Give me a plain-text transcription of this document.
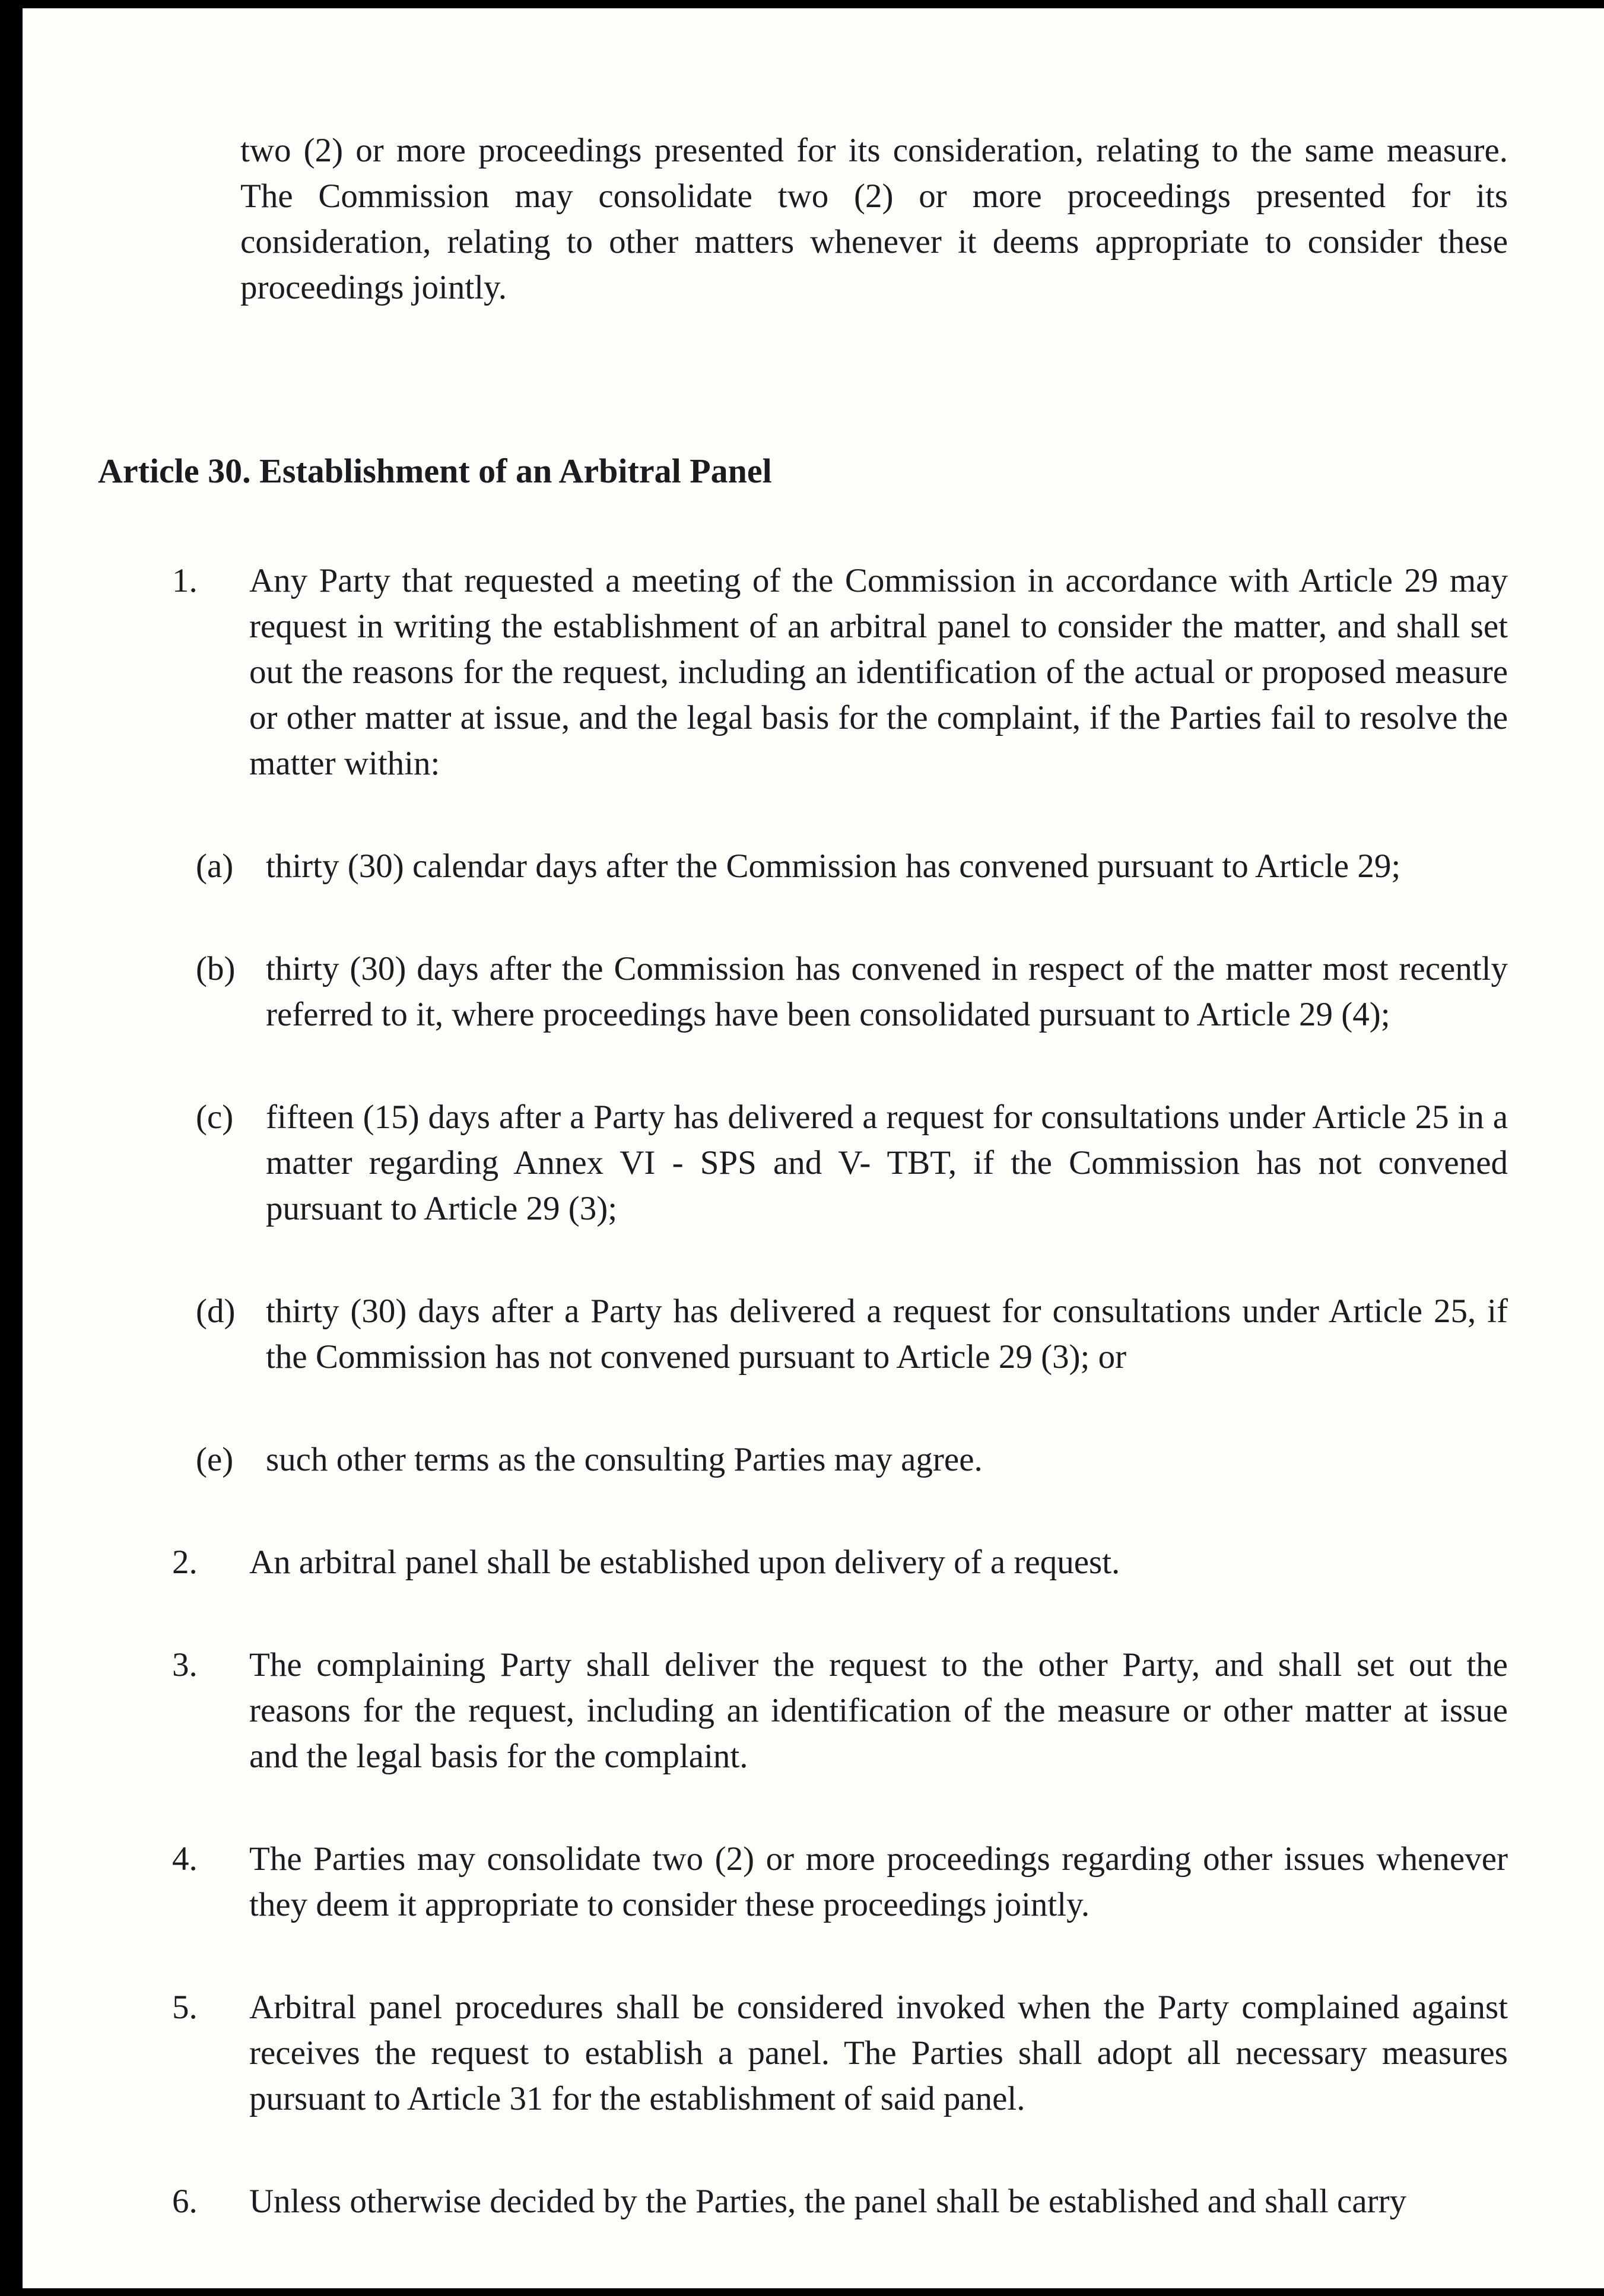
two (2) or more proceedings presented for its consideration, relating to the same measure. The Commission may consolidate two (2) or more proceedings presented for its consideration, relating to other matters whenever it deems appropriate to consider these proceedings jointly.

Article 30. Establishment of an Arbitral Panel
1.	Any Party that requested a meeting of the Commission in accordance with Article 29 may request in writing the establishment of an arbitral panel to consider the matter, and shall set out the reasons for the request, including an identification of the actual or proposed measure or other matter at issue, and the legal basis for the complaint, if the Parties fail to resolve the matter within:

(a) thirty (30) calendar days after the Commission has convened pursuant to Article 29;

(b) thirty (30) days after the Commission has convened in respect of the matter most recently referred to it, where proceedings have been consolidated pursuant to Article 29 (4);

(c) fifteen (15) days after a Party has delivered a request for consultations under Article 25 in a matter regarding Annex VI - SPS and V- TBT, if the Commission has not convened pursuant to Article 29 (3);

(d) thirty (30) days after a Party has delivered a request for consultations under Article 25, if the Commission has not convened pursuant to Article 29 (3); or

(e) such other terms as the consulting Parties may agree.

2.	An arbitral panel shall be established upon delivery of a request.

3.	The complaining Party shall deliver the request to the other Party, and shall set out the reasons for the request, including an identification of the measure or other matter at issue and the legal basis for the complaint.

4.	The Parties may consolidate two (2) or more proceedings regarding other issues whenever they deem it appropriate to consider these proceedings jointly.

5.	Arbitral panel procedures shall be considered invoked when the Party complained against receives the request to establish a panel. The Parties shall adopt all necessary measures pursuant to Article 31 for the establishment of said panel.

6.	Unless otherwise decided by the Parties, the panel shall be established and shall carry
